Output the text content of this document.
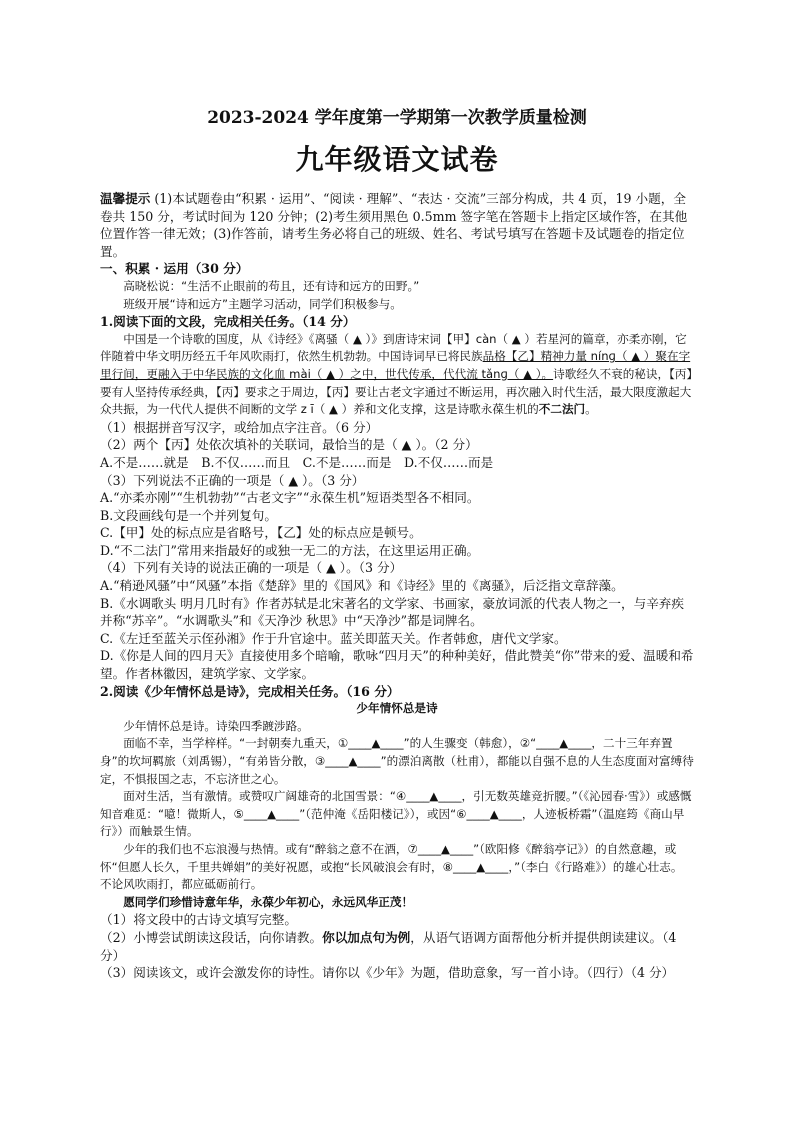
2023-2024 学年度第一学期第一次教学质量检测
九年级语文试卷

温馨提示 (1)本试题卷由“积累 · 运用”、“阅读 · 理解”、“表达 · 交流”三部分构成，共 4 页，19 小题，全卷共 150 分，考试时间为 120 分钟；(2)考生须用黑色 0.5mm 签字笔在答题卡上指定区域作答，在其他位置作答一律无效；(3)作答前，请考生务必将自己的班级、姓名、考试号填写在答题卡及试题卷的指定位置。

一、积累 · 运用（30 分）

高晓松说：“生活不止眼前的苟且，还有诗和远方的田野。”

班级开展“诗和远方”主题学习活动，同学们积极参与。

1.阅读下面的文段，完成相关任务。（14 分）

中国是一个诗歌的国度，从《诗经》《离骚（ ▲ ）》到唐诗宋词【甲】càn（ ▲ ）若星河的篇章，亦柔亦刚，它伴随着中华文明历经五千年风吹雨打，依然生机勃勃。中国诗词早已将民族品格【乙】精神力量 nínɡ（ ▲ ）聚在字里行间，更融入于中华民族的文化血 mài（ ▲ ）之中，世代传承，代代流 tǎnɡ（ ▲ ）。诗歌经久不衰的秘诀，【丙】要有人坚持传承经典，【丙】要求之于周边，【丙】要让古老文字通过不断运用，再次融入时代生活，最大限度激起大众共振，为一代代人提供不间断的文学 z ī（ ▲ ）养和文化支撑，这是诗歌永葆生机的不二法门。

（1）根据拼音写汉字，或给加点字注音。（6 分）

（2）两个【丙】处依次填补的关联词，最恰当的是（ ▲ ）。（2 分）

A.不是……就是　B.不仅……而且　C.不是……而是　D.不仅……而是

（3）下列说法不正确的一项是（ ▲ ）。（3 分）

A.“亦柔亦刚”“生机勃勃”“古老文字”“永葆生机”短语类型各不相同。

B.文段画线句是一个并列复句。

C.【甲】处的标点应是省略号，【乙】处的标点应是顿号。

D.“不二法门”常用来指最好的或独一无二的方法，在这里运用正确。

（4）下列有关诗的说法正确的一项是（ ▲ ）。（3 分）

A.“稍逊风骚”中“风骚”本指《楚辞》里的《国风》和《诗经》里的《离骚》，后泛指文章辞藻。

B.《水调歌头 明月几时有》作者苏轼是北宋著名的文学家、书画家，豪放词派的代表人物之一，与辛弃疾并称“苏辛”。“水调歌头”和《天净沙 秋思》中“天净沙”都是词牌名。

C.《左迁至蓝关示侄孙湘》作于升官途中。蓝关即蓝天关。作者韩愈，唐代文学家。

D.《你是人间的四月天》直接使用多个暗喻，歌咏“四月天”的种种美好，借此赞美“你”带来的爱、温暖和希望。作者林徽因，建筑学家、文学家。

2.阅读《少年情怀总是诗》，完成相关任务。（16 分）

少年情怀总是诗

少年情怀总是诗。诗染四季踱涉路。

面临不幸，当学梓样。“一封朝奏九重天，①____▲____”的人生骤变（韩愈），②“____▲____，二十三年弃置身”的坎坷羁旅（刘禹锡），“有弟皆分散，③____▲____”的漂泊离散（杜甫），都能以自强不息的人生态度面对富缚待定，不惧报国之志，不忘济世之心。

面对生活，当有激情。或赞叹广阔雄奇的北国雪景：“④____▲____，引无数英雄竞折腰。”（《沁园春·雪》）或感慨知音难觅：“噫！微斯人，⑤____▲____”（范仲淹《岳阳楼记》），或因“⑥____▲____，人迹板桥霜”（温庭筠《商山早行》）而触景生情。

少年的我们也不忘浪漫与热情。或有“醉翁之意不在酒，⑦____▲____”（欧阳修《醉翁亭记》）的自然意趣，或怀“但愿人长久，千里共婵娟”的美好祝愿，或抱“长风破浪会有时，⑧____▲____，”（李白《行路难》）的雄心壮志。不论风吹雨打，都应砥砺前行。

愿同学们珍惜诗意年华，永葆少年初心，永远风华正茂！

（1）将文段中的古诗文填写完整。

（2）小博尝试朗读这段话，向你请教。你以加点句为例，从语气语调方面帮他分析并提供朗读建议。（4 分）

（3）阅读该文，或许会激发你的诗性。请你以《少年》为题，借助意象，写一首小诗。（四行）（4 分）
